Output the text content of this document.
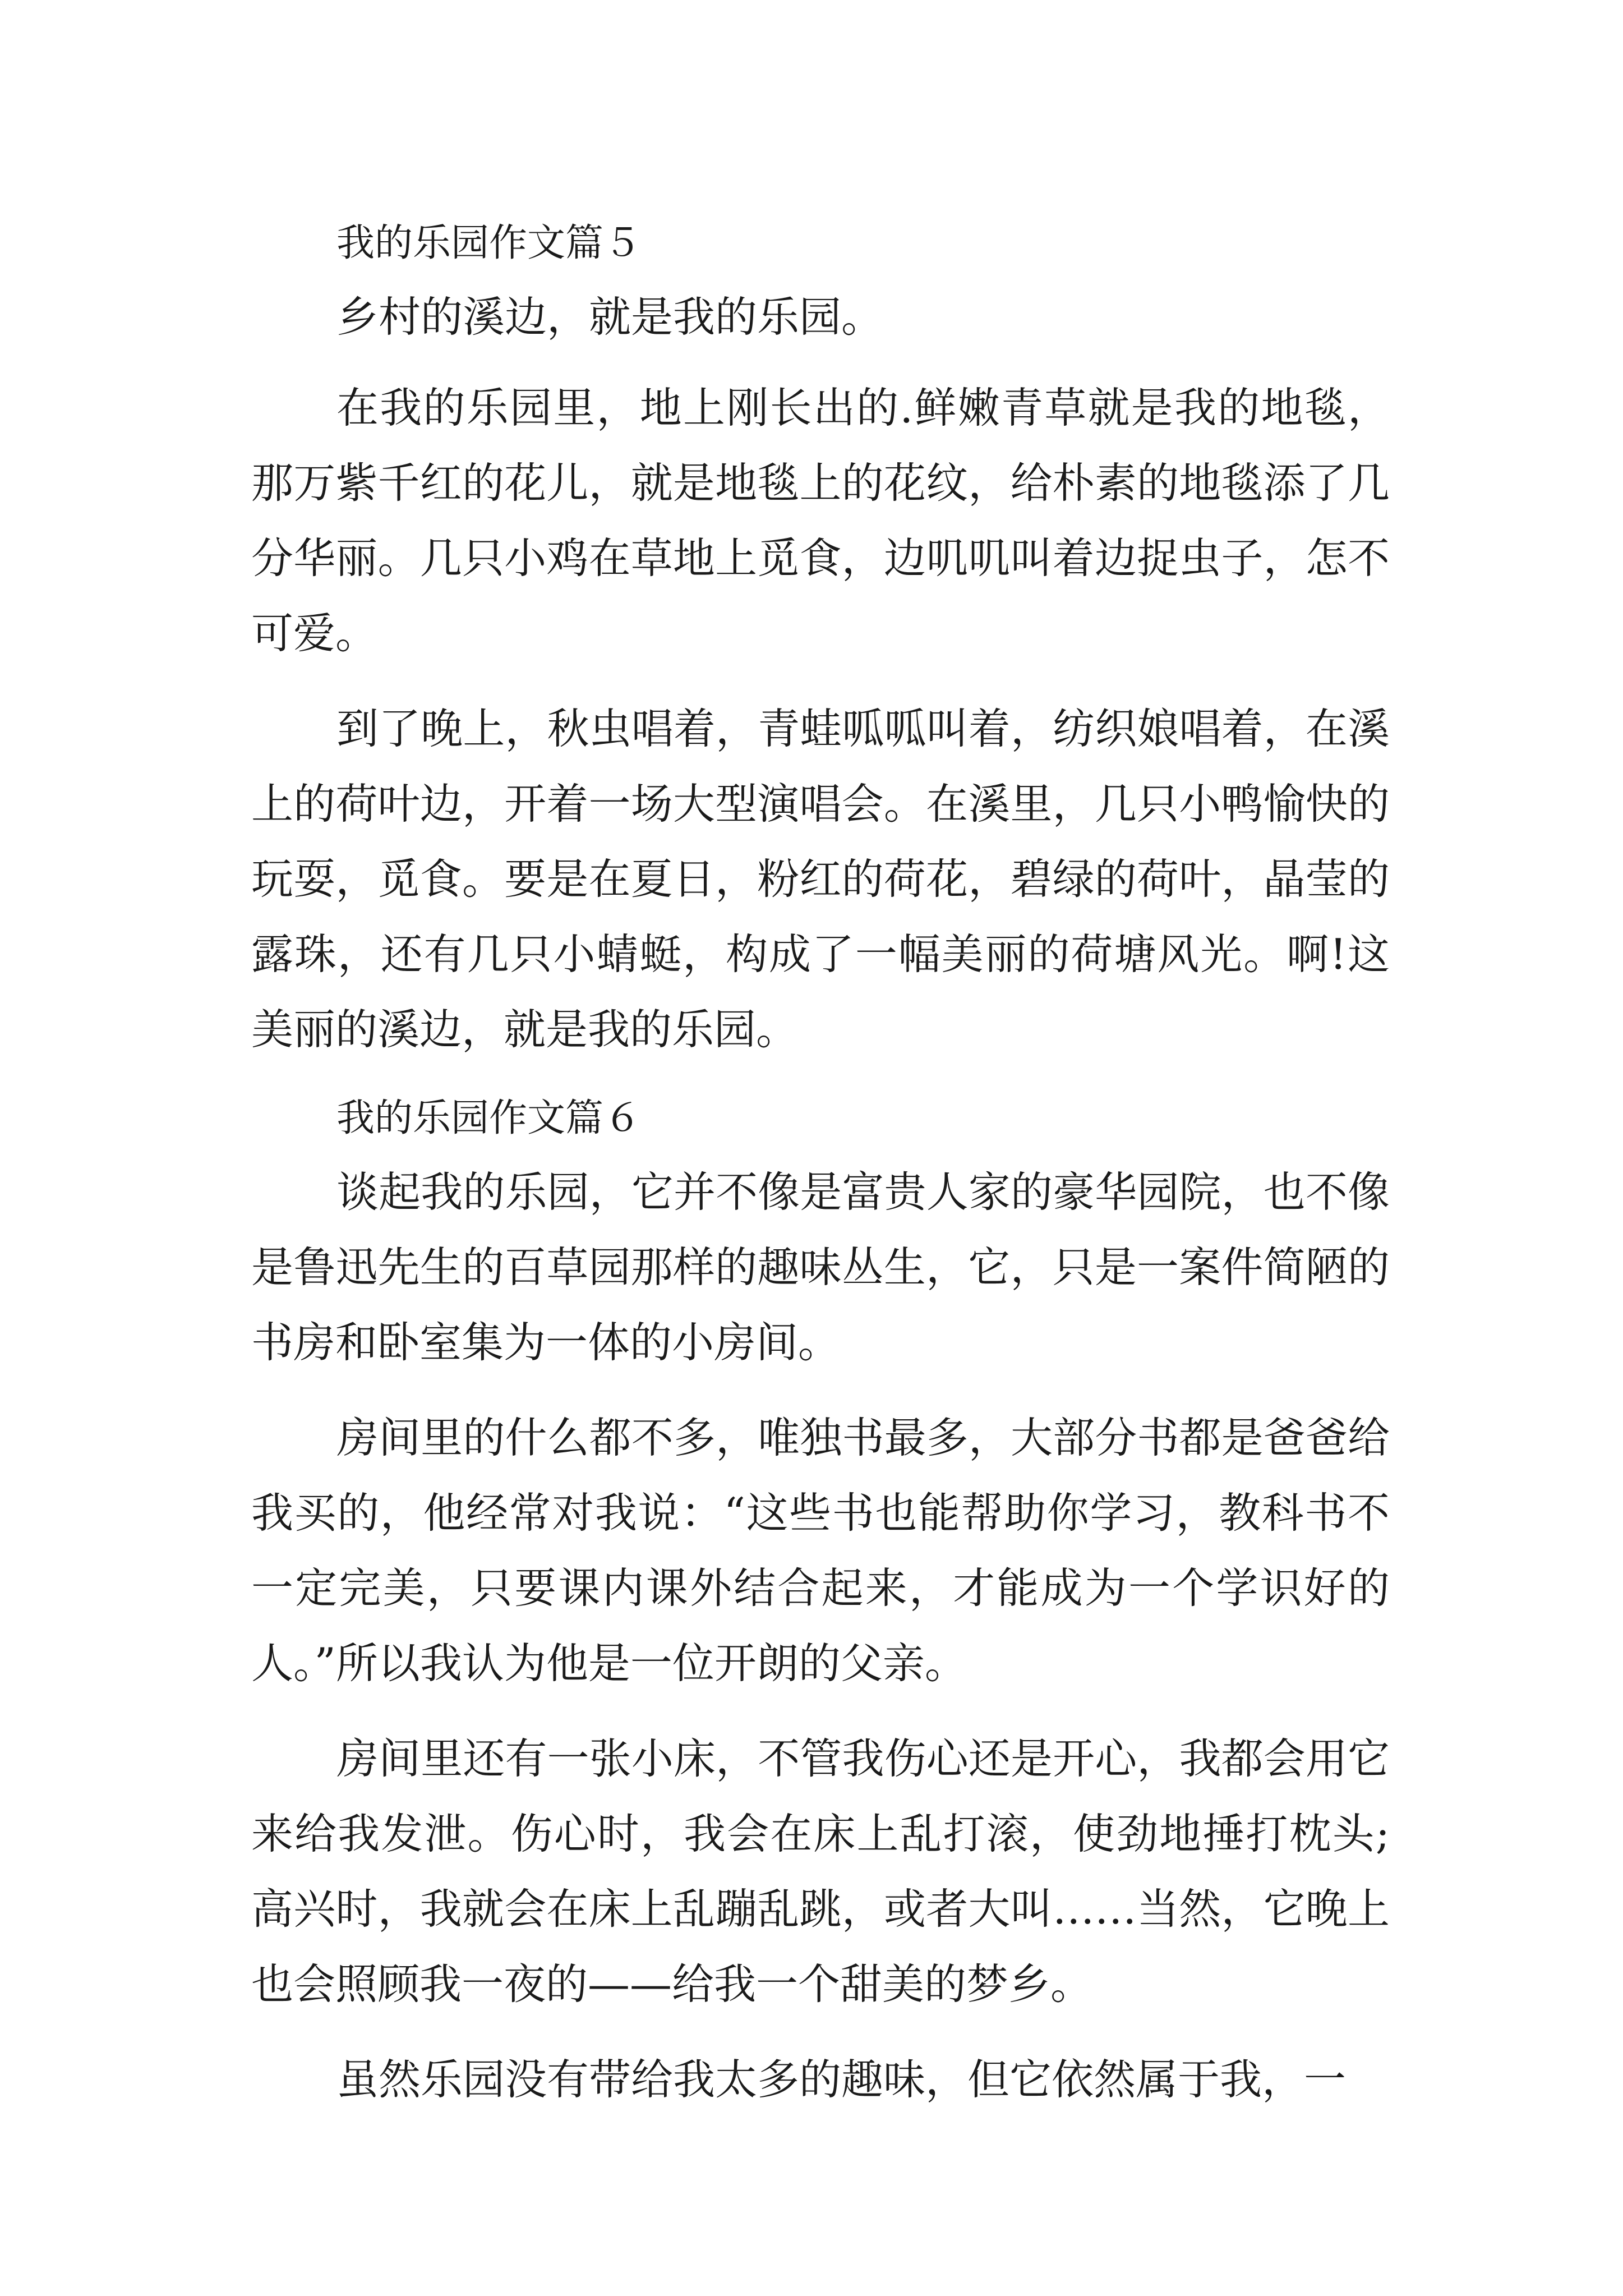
我的乐园作文篇５

乡村的溪边，就是我的乐园。

在我的乐园里，地上刚长出的.鲜嫩青草就是我的地毯，那万紫千红的花儿，就是地毯上的花纹，给朴素的地毯添了几分华丽。几只小鸡在草地上觅食，边叽叽叫着边捉虫子，怎不可爱。

到了晚上，秋虫唱着，青蛙呱呱叫着，纺织娘唱着，在溪上的荷叶边，开着一场大型演唱会。在溪里，几只小鸭愉快的玩耍，觅食。要是在夏日，粉红的荷花，碧绿的荷叶，晶莹的露珠，还有几只小蜻蜓，构成了一幅美丽的荷塘风光。啊!这美丽的溪边，就是我的乐园。

我的乐园作文篇６

谈起我的乐园，它并不像是富贵人家的豪华园院，也不像是鲁迅先生的百草园那样的趣味丛生，它，只是一案件简陋的书房和卧室集为一体的小房间。

房间里的什么都不多，唯独书最多，大部分书都是爸爸给我买的，他经常对我说：“这些书也能帮助你学习，教科书不一定完美，只要课内课外结合起来，才能成为一个学识好的人。”所以我认为他是一位开朗的父亲。

房间里还有一张小床，不管我伤心还是开心，我都会用它来给我发泄。伤心时，我会在床上乱打滚，使劲地捶打枕头;高兴时，我就会在床上乱蹦乱跳，或者大叫……当然，它晚上也会照顾我一夜的——给我一个甜美的梦乡。

虽然乐园没有带给我太多的趣味，但它依然属于我，一
